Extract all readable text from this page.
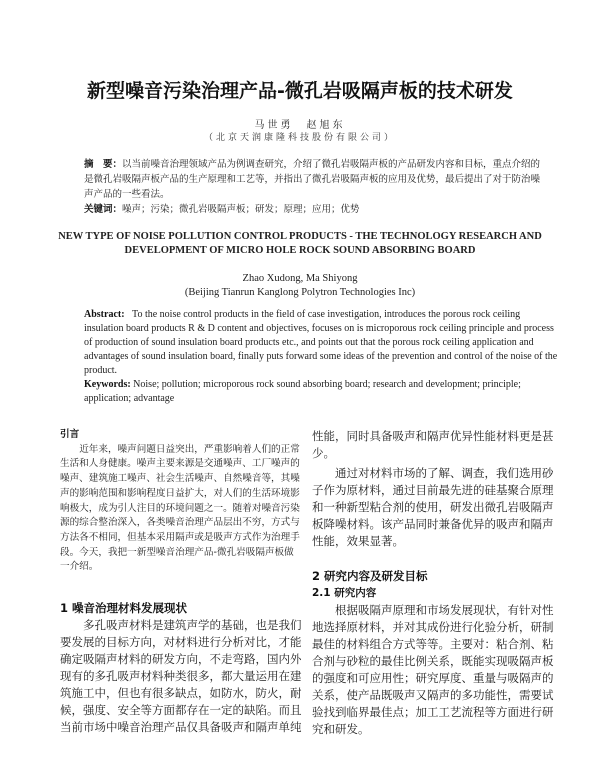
新型噪音污染治理产品-微孔岩吸隔声板的技术研发
马世勇　赵旭东
（北京天润康隆科技股份有限公司）
摘　要：以当前噪音治理领域产品为例调查研究，介绍了微孔岩吸隔声板的产品研发内容和目标，重点介绍的
是微孔岩吸隔声板产品的生产原理和工艺等，并指出了微孔岩吸隔声板的应用及优势，最后提出了对于防治噪
声产品的一些看法。
关键词：噪声；污染；微孔岩吸隔声板；研发；原理；应用；优势
NEW TYPE OF NOISE POLLUTION CONTROL PRODUCTS - THE TECHNOLOGY RESEARCH AND
DEVELOPMENT OF MICRO HOLE ROCK SOUND ABSORBING BOARD
Zhao Xudong, Ma Shiyong
(Beijing Tianrun Kanglong Polytron Technologies Inc)
Abstract: To the noise control products in the field of case investigation, introduces the porous rock ceiling
insulation board products R & D content and objectives, focuses on is microporous rock ceiling principle and process
of production of sound insulation board products etc., and points out that the porous rock ceiling application and
advantages of sound insulation board, finally puts forward some ideas of the prevention and control of the noise of the
product.
Keywords: Noise; pollution; microporous rock sound absorbing board; research and development; principle;
application; advantage
引言
近年来，噪声问题日益突出，严重影响着人们的正常
生活和人身健康。噪声主要来源是交通噪声、工厂噪声的
噪声、建筑施工噪声、社会生活噪声、自然噪音等，其噪
声的影响范围和影响程度日益扩大，对人们的生活环境影
响极大，成为引人注目的环境问题之一。随着对噪音污染
源的综合整治深入，各类噪音治理产品层出不穷，方式与
方法各不相同，但基本采用隔声或是吸声方式作为治理手
段。今天，我把一新型噪音治理产品-微孔岩吸隔声板做
一介绍。
1 噪音治理材料发展现状
多孔吸声材料是建筑声学的基础，也是我们
要发展的目标方向，对材料进行分析对比，才能
确定吸隔声材料的研发方向，不走弯路，国内外
现有的多孔吸声材料种类很多，都大量运用在建
筑施工中，但也有很多缺点，如防水，防火，耐
候，强度、安全等方面都存在一定的缺陷。而且
当前市场中噪音治理产品仅具备吸声和隔声单纯
性能，同时具备吸声和隔声优异性能材料更是甚
少。
通过对材料市场的了解、调查，我们选用砂
子作为原材料，通过目前最先进的硅基聚合原理
和一种新型粘合剂的使用，研发出微孔岩吸隔声
板降噪材料。该产品同时兼备优异的吸声和隔声
性能，效果显著。
2 研究内容及研发目标
2.1 研究内容
根据吸隔声原理和市场发展现状，有针对性
地选择原材料，并对其成份进行化验分析，研制
最佳的材料组合方式等等。主要对：粘合剂、粘
合剂与砂粒的最佳比例关系，既能实现吸隔声板
的强度和可应用性；研究厚度、重量与吸隔声的
关系，使产品既吸声又隔声的多功能性，需要试
验找到临界最佳点；加工工艺流程等方面进行研
究和研发。
